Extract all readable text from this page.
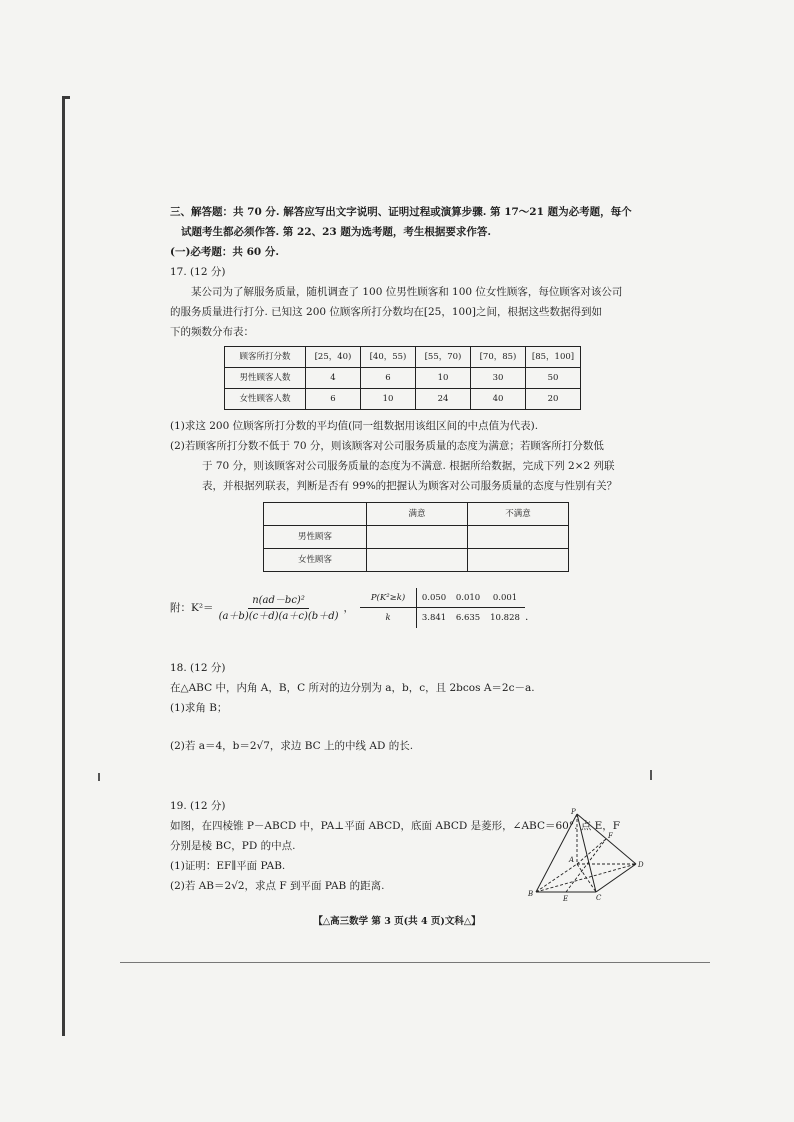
三、解答题：共 70 分. 解答应写出文字说明、证明过程或演算步骤. 第 17～21 题为必考题，每个
试题考生都必须作答. 第 22、23 题为选考题，考生根据要求作答.
(一)必考题：共 60 分.
17. (12 分)
某公司为了解服务质量，随机调查了 100 位男性顾客和 100 位女性顾客，每位顾客对该公司
的服务质量进行打分. 已知这 200 位顾客所打分数均在[25，100]之间，根据这些数据得到如
下的频数分布表：
顾客所打分数	[25，40)	[40，55)	[55，70)	[70，85)	[85，100]
男性顾客人数	4	6	10	30	50
女性顾客人数	6	10	24	40	20
(1)求这 200 位顾客所打分数的平均值(同一组数据用该组区间的中点值为代表).
(2)若顾客所打分数不低于 70 分，则该顾客对公司服务质量的态度为满意；若顾客所打分数低
于 70 分，则该顾客对公司服务质量的态度为不满意. 根据所给数据，完成下列 2×2 列联
表，并根据列联表，判断是否有 99%的把握认为顾客对公司服务质量的态度与性别有关？
	满意	不满意
男性顾客		
女性顾客		
附：$K^2= \frac{\text{n(ad－bc)²}}{(a+b)(c+d)(a+c)(b+d)}$ ，
P(K²≥k)	0.050	0.010	0.001
k	3.841	6.635	10.828 .
18. (12 分)
在△ABC 中，内角 A，B，C 所对的边分别为 a，b，c，且 2bcos A＝2c－a.
(1)求角 B；
(2)若 a＝4，b＝2√7，求边 BC 上的中线 AD 的长.
19. (12 分)
如图，在四棱锥 P－ABCD 中，PA⊥平面 ABCD，底面 ABCD 是菱形，∠ABC＝60°. 点 E，F
分别是棱 BC，PD 的中点.
(1)证明：EF∥平面 PAB.
(2)若 AB＝2√2，求点 F 到平面 PAB 的距离.
P
F
A
D
B
E	C
【△高三数学 第 3 页(共 4 页)文科△】
